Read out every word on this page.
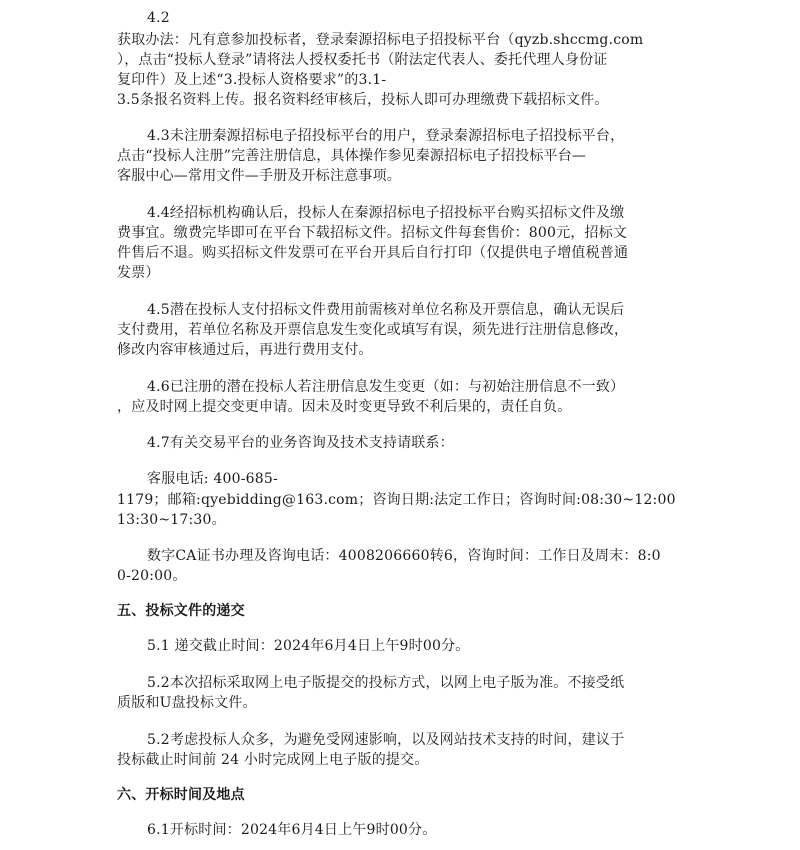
4.2
获取办法：凡有意参加投标者，登录秦源招标电子招投标平台（qyzb.shccmg.com
），点击“投标人登录”请将法人授权委托书（附法定代表人、委托代理人身份证
复印件）及上述“3.投标人资格要求”的3.1-
3.5条报名资料上传。报名资料经审核后，投标人即可办理缴费下载招标文件。
4.3未注册秦源招标电子招投标平台的用户，登录秦源招标电子招投标平台，
点击“投标人注册”完善注册信息，具体操作参见秦源招标电子招投标平台—
客服中心—常用文件—手册及开标注意事项。
4.4经招标机构确认后，投标人在秦源招标电子招投标平台购买招标文件及缴
费事宜。缴费完毕即可在平台下载招标文件。招标文件每套售价：800元，招标文
件售后不退。购买招标文件发票可在平台开具后自行打印（仅提供电子增值税普通
发票）
4.5潜在投标人支付招标文件费用前需核对单位名称及开票信息，确认无误后
支付费用，若单位名称及开票信息发生变化或填写有误，须先进行注册信息修改，
修改内容审核通过后，再进行费用支付。
4.6已注册的潜在投标人若注册信息发生变更（如：与初始注册信息不一致）
，应及时网上提交变更申请。因未及时变更导致不利后果的，责任自负。
4.7有关交易平台的业务咨询及技术支持请联系：
客服电话: 400-685-
1179；邮箱:qyebidding@163.com；咨询日期:法定工作日；咨询时间:08:30~12:00
13:30~17:30。
数字CA证书办理及咨询电话：4008206660转6，咨询时间：工作日及周末：8:0
0-20:00。
五、投标文件的递交
5.1 递交截止时间：2024年6月4日上午9时00分。
5.2本次招标采取网上电子版提交的投标方式，以网上电子版为准。不接受纸
质版和U盘投标文件。
5.2考虑投标人众多，为避免受网速影响，以及网站技术支持的时间，建议于
投标截止时间前 24 小时完成网上电子版的提交。
六、开标时间及地点
6.1开标时间：2024年6月4日上午9时00分。
